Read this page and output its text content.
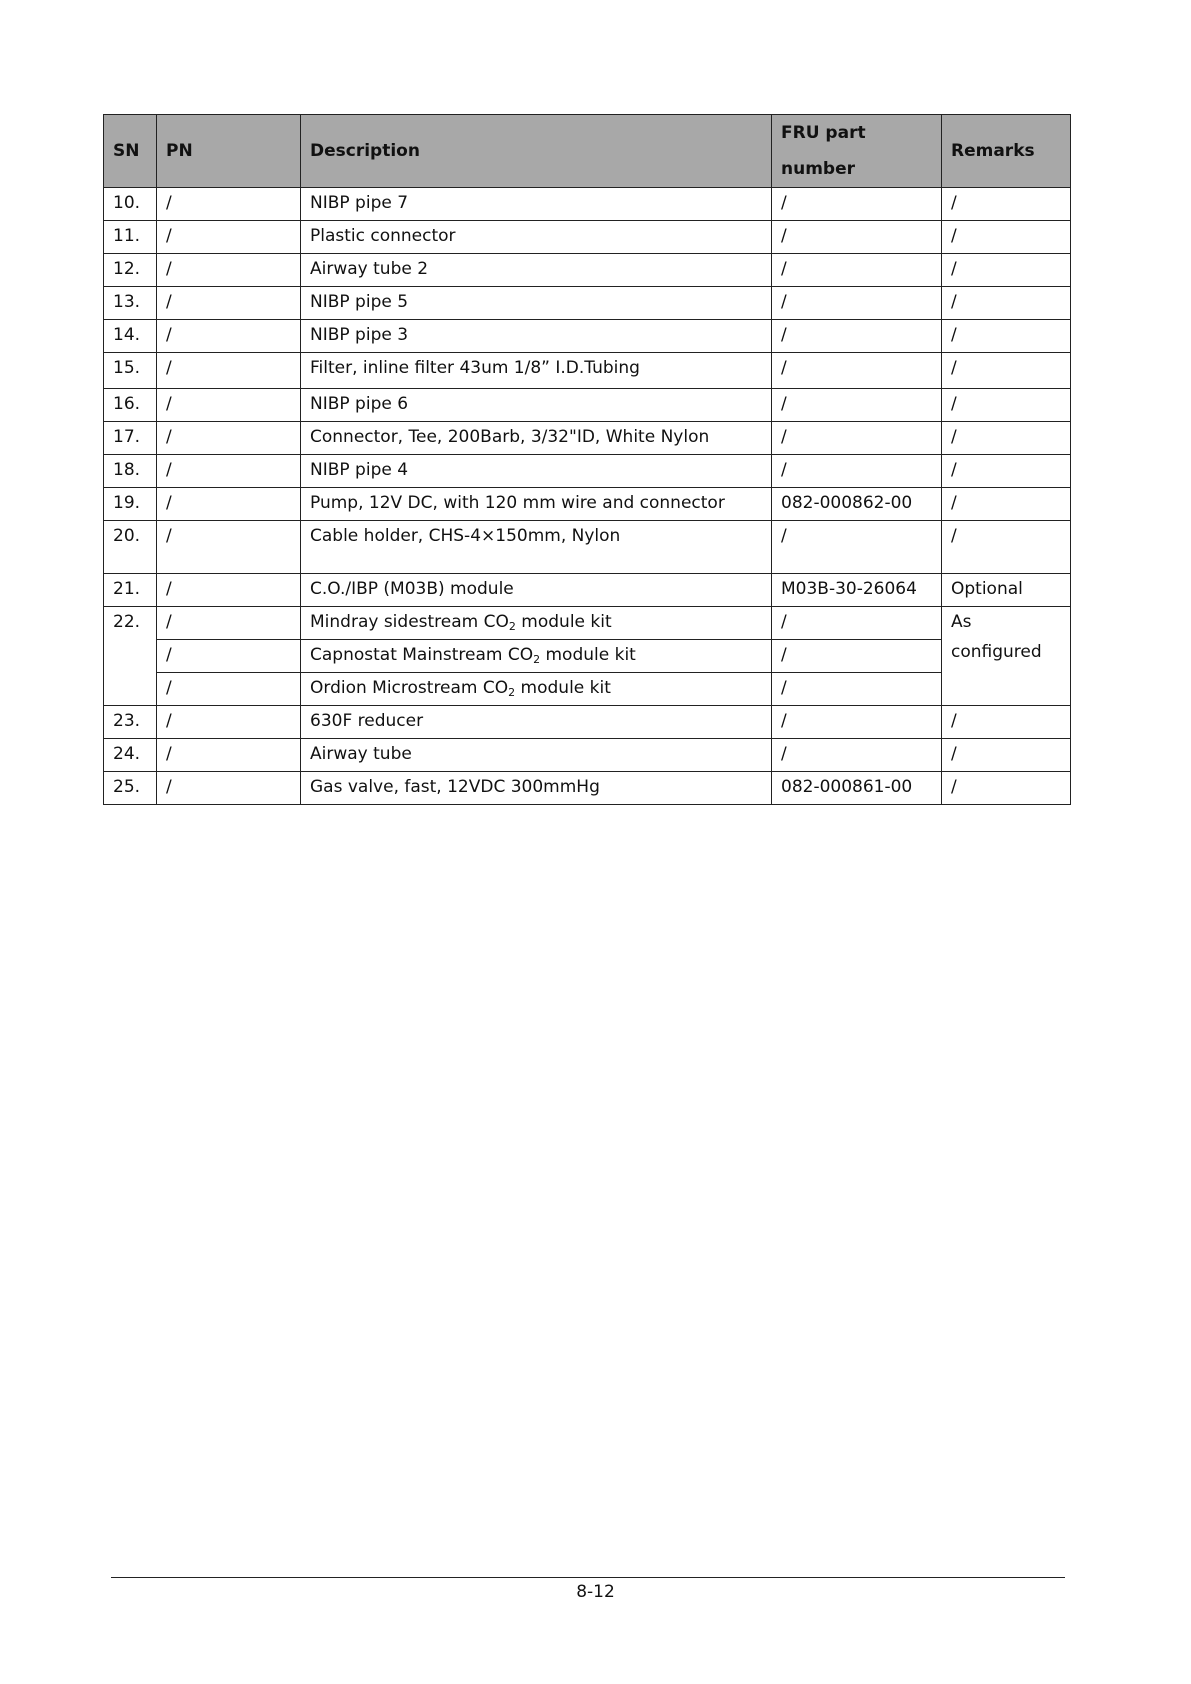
SN	PN	Description	FRU part number	Remarks
10.	/	NIBP pipe 7	/	/
11.	/	Plastic connector	/	/
12.	/	Airway tube 2	/	/
13.	/	NIBP pipe 5	/	/
14.	/	NIBP pipe 3	/	/
15.	/	Filter, inline filter 43um 1/8” I.D.Tubing	/	/
16.	/	NIBP pipe 6	/	/
17.	/	Connector, Tee, 200Barb, 3/32"ID, White Nylon	/	/
18.	/	NIBP pipe 4	/	/
19.	/	Pump, 12V DC, with 120 mm wire and connector	082-000862-00	/
20.	/	Cable holder, CHS-4×150mm, Nylon	/	/
21.	/	C.O./IBP (M03B) module	M03B-30-26064	Optional
22.	/	Mindray sidestream $CO_2$ module kit	/	As configured
	/	Capnostat Mainstream $CO_2$ module kit	/	
	/	Ordion Microstream $CO_2$ module kit	/	
23.	/	630F reducer	/	/
24.	/	Airway tube	/	/
25.	/	Gas valve, fast, 12VDC 300mmHg	082-000861-00	/
8-12
